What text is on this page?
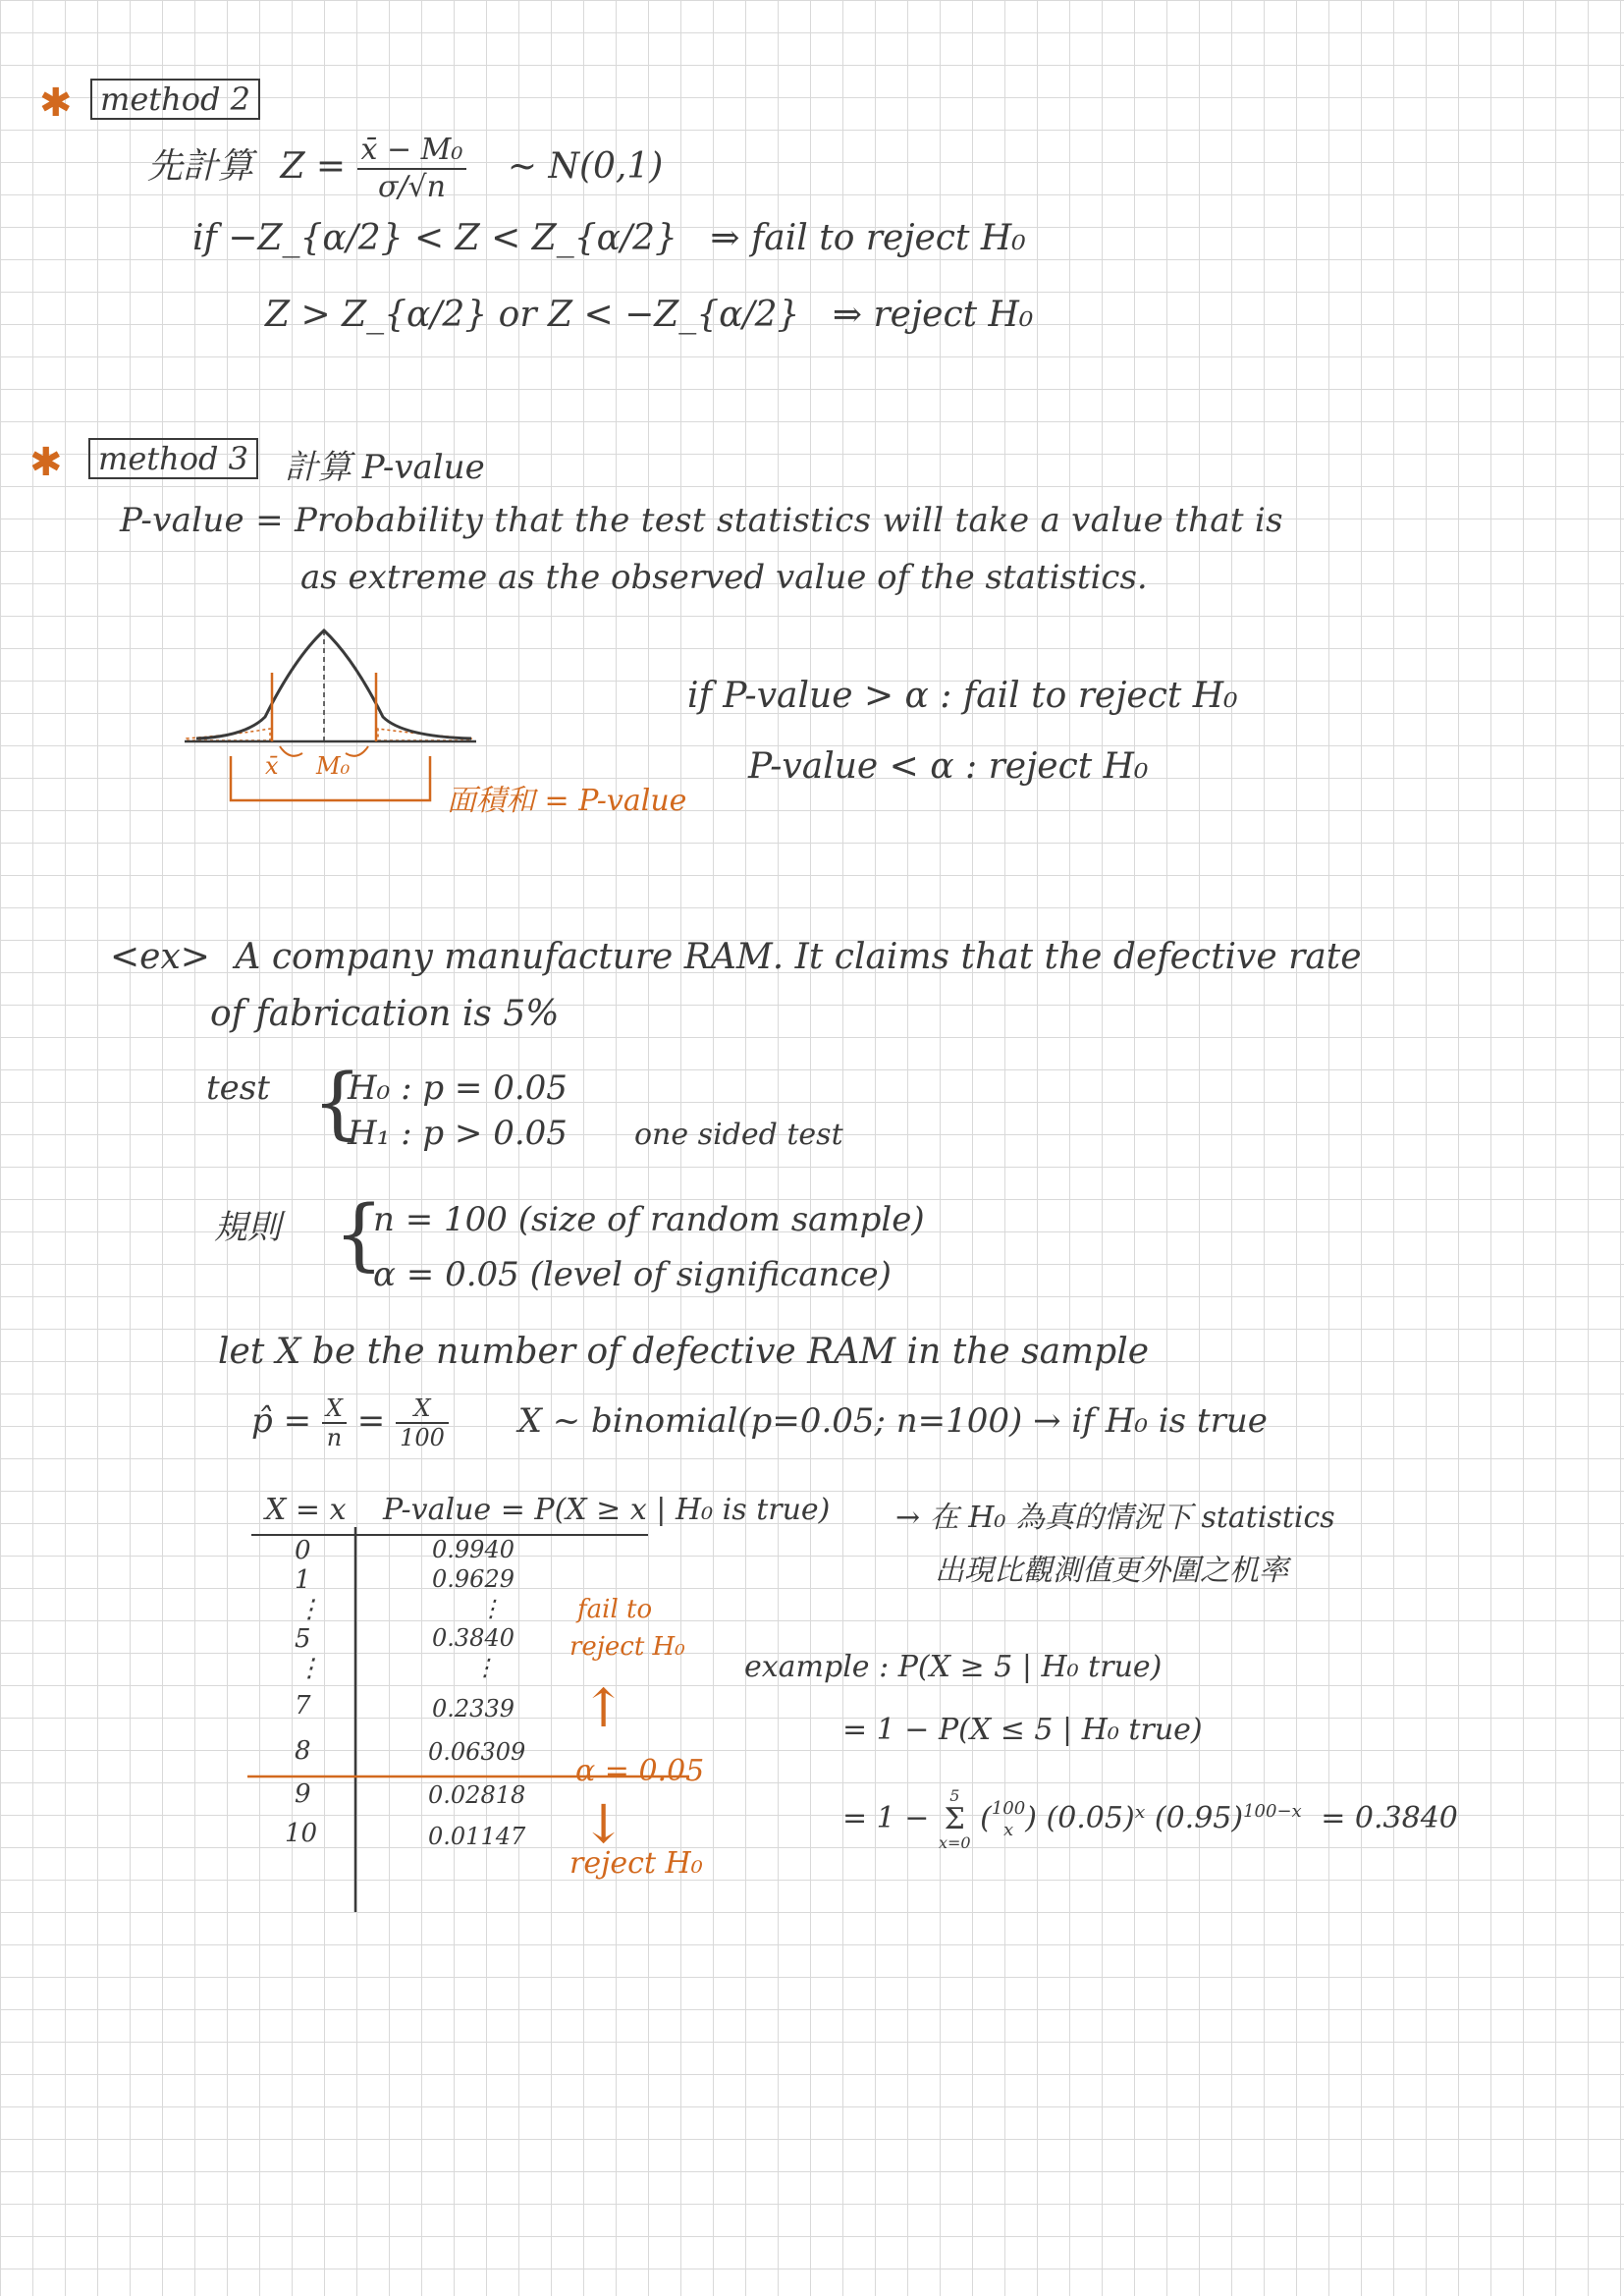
✱ method 2
先計算 $Z = \frac{\text{x̄ − M₀}}{\sigma/√n}$ ~ N(0,1)
if −Z_{α/2} < Z < Z_{α/2} ⇒ fail to reject H₀
Z > Z_{α/2} or Z < −Z_{α/2} ⇒ reject H₀
✱	method 3 計算 P-value
P-value = Probability that the test statistics will take a value that is
as extreme as the observed value of the statistics.
x̄ M₀
面積和 = P-value
if P-value > α : fail to reject H₀
P-value < α : reject H₀
<ex> A company manufacture RAM. It claims that the defective rate
of fabrication is 5%
test {
H₀ : p = 0.05
H₁ : p > 0.05 one sided test
規則 {
n = 100 (size of random sample)
α = 0.05 (level of significance)
let X be the number of defective RAM in the sample
p̂ = $\frac{X}{n} = \frac{X}{100}$ X ~ binomial(p=0.05; n=100) → if H₀ is true
X = x P-value = P(X ≥ x | H₀ is true) → 在 H₀ 為真的情況下 statistics
出現比觀測值更外圍之机率
0	0.9940
1	0.9629
⋮	⋮
5	0.3840
⋮	⋮
7	0.2339
8	0.06309
9	0.02818
10	0.01147
fail to
reject H₀
↑
α = 0.05
↓
reject H₀
example : P(X ≥ 5 | H₀ true)
= 1 − P(X ≤ 5 | H₀ true)
= 1 −
5
Σ
x=0
( 100
x ) (0.05)ˣ $(0.95)^{100-x} = 0.3840$
